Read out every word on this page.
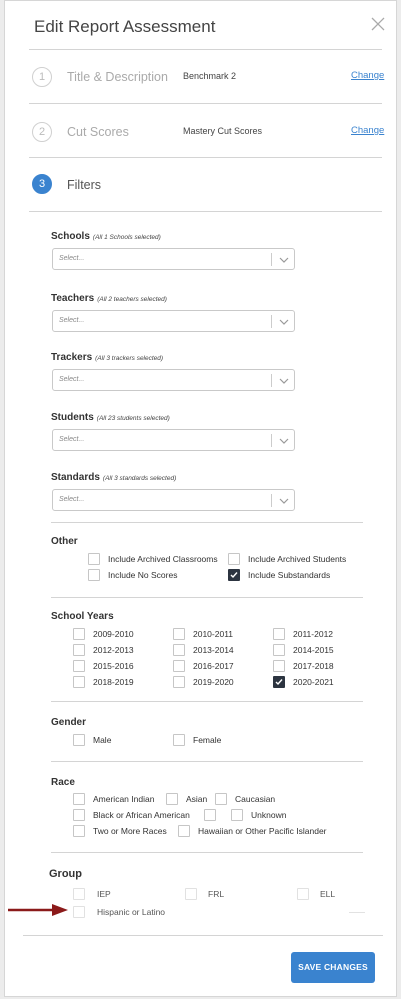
Edit Report Assessment
1	Title & Description Benchmark 2	Change
2	Cut Scores	Mastery Cut Scores	Change
3	Filters
Schools (All 1 Schools selected)
Select...
Teachers (All 2 teachers selected)
Select...
Trackers (All 3 trackers selected)
Select...
Students (All 23 students selected)
Select...
Standards (All 3 standards selected)
Select...
Other
Include Archived Classrooms	Include Archived Students
Include No Scores	Include Substandards
School Years
2009-2010	2010-2011	2011-2012
2012-2013	2013-2014	2014-2015
2015-2016	2016-2017	2017-2018
2018-2019	2019-2020	2020-2021
Gender
Male	Female
Race
American Indian	Asian	Caucasian
Black or African American	Unknown
Two or More Races	Hawaiian or Other Pacific Islander
Group
IEP	FRL	ELL
Hispanic or Latino
SAVE CHANGES
